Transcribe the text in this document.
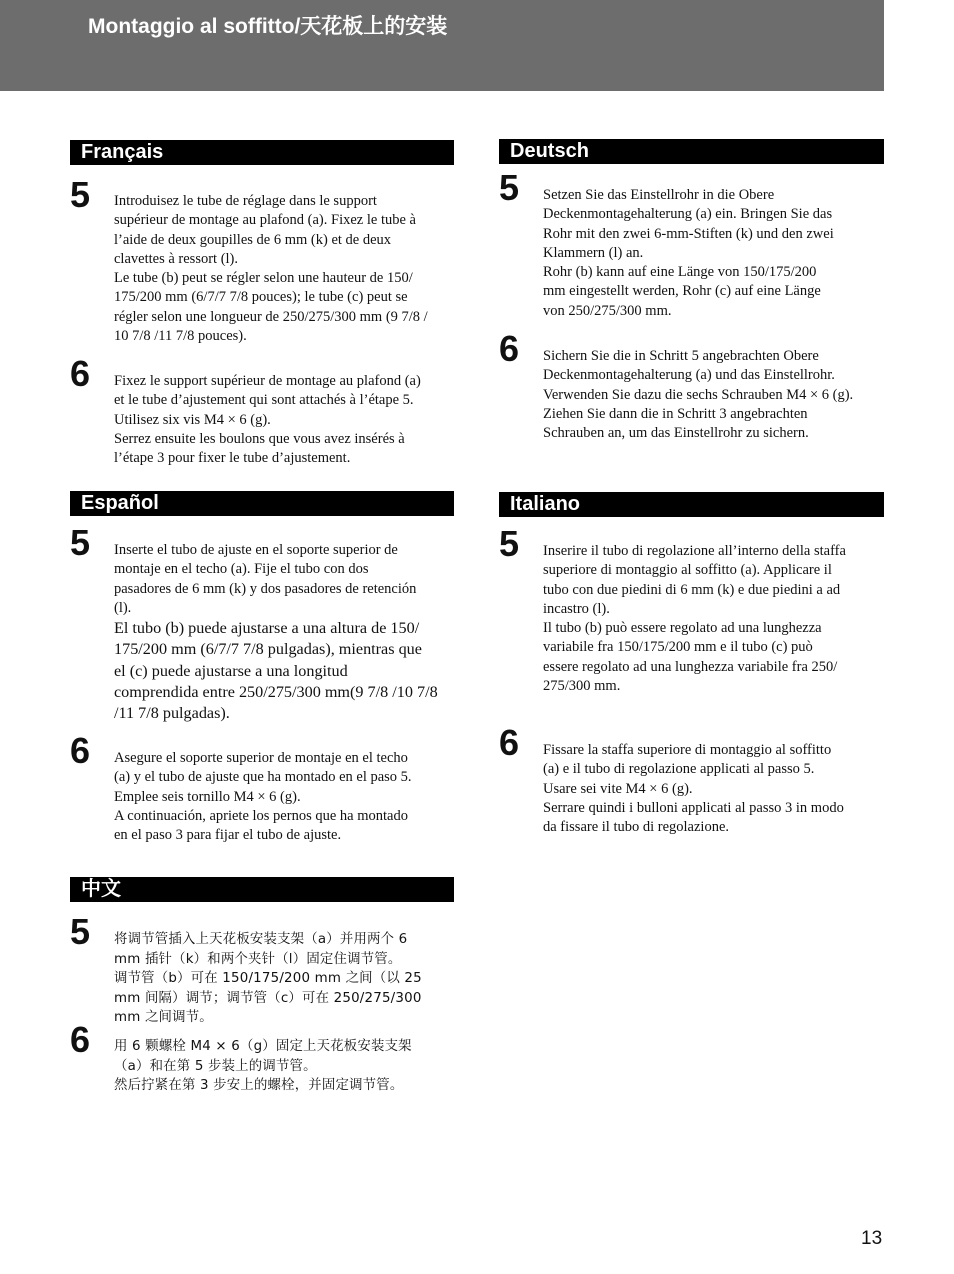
Montaggio al soffitto/天花板上的安装
Français
5 Introduisez le tube de réglage dans le support

supérieur de montage au plafond (a). Fixez le tube à

l’aide de deux goupilles de 6 mm (k) et de deux

clavettes à ressort (l).

Le tube (b) peut se régler selon une hauteur de 150/

175/200 mm (6/7/7 7/8 pouces); le tube (c) peut se

régler selon une longueur de 250/275/300 mm (9 7/8 /

10 7/8 /11 7/8 pouces).

6 Fixez le support supérieur de montage au plafond (a)

et le tube d’ajustement qui sont attachés à l’étape 5.

Utilisez six vis M4 × 6 (g).

Serrez ensuite les boulons que vous avez insérés à

l’étape 3 pour fixer le tube d’ajustement.

Español
5 Inserte el tubo de ajuste en el soporte superior de

montaje en el techo (a). Fije el tubo con dos

pasadores de 6 mm (k) y dos pasadores de retención

(l).

El tubo (b) puede ajustarse a una altura de 150/

175/200 mm (6/7/7 7/8 pulgadas), mientras que

el (c) puede ajustarse a una longitud

comprendida entre 250/275/300 mm(9 7/8 /10 7/8

/11 7/8 pulgadas).

6 Asegure el soporte superior de montaje en el techo

(a) y el tubo de ajuste que ha montado en el paso 5.

Emplee seis tornillo M4 × 6 (g).

A continuación, apriete los pernos que ha montado

en el paso 3 para fijar el tubo de ajuste.

中文
5 将调节管插入上天花板安装支架（a）并用两个 6

mm 插针（k）和两个夹针（l）固定住调节管。

调节管（b）可在 150/175/200 mm 之间（以 25

mm 间隔）调节；调节管（c）可在 250/275/300

mm 之间调节。

6 用 6 颗螺栓 M4 × 6（g）固定上天花板安装支架

（a）和在第 5 步装上的调节管。

然后拧紧在第 3 步安上的螺栓，并固定调节管。

Deutsch
5 Setzen Sie das Einstellrohr in die Obere

Deckenmontagehalterung (a) ein. Bringen Sie das

Rohr mit den zwei 6-mm-Stiften (k) und den zwei

Klammern (l) an.

Rohr (b) kann auf eine Länge von 150/175/200

mm eingestellt werden, Rohr (c) auf eine Länge

von 250/275/300 mm.

6 Sichern Sie die in Schritt 5 angebrachten Obere

Deckenmontagehalterung (a) und das Einstellrohr.

Verwenden Sie dazu die sechs Schrauben M4 × 6 (g).

Ziehen Sie dann die in Schritt 3 angebrachten

Schrauben an, um das Einstellrohr zu sichern.

Italiano
5 Inserire il tubo di regolazione all’interno della staffa

superiore di montaggio al soffitto (a). Applicare il

tubo con due piedini di 6 mm (k) e due piedini a ad

incastro (l).

Il tubo (b) può essere regolato ad una lunghezza

variabile fra 150/175/200 mm e il tubo (c) può

essere regolato ad una lunghezza variabile fra 250/

275/300 mm.

6 Fissare la staffa superiore di montaggio al soffitto

(a) e il tubo di regolazione applicati al passo 5.

Usare sei vite M4 × 6 (g).

Serrare quindi i bulloni applicati al passo 3 in modo

da fissare il tubo di regolazione.

13
